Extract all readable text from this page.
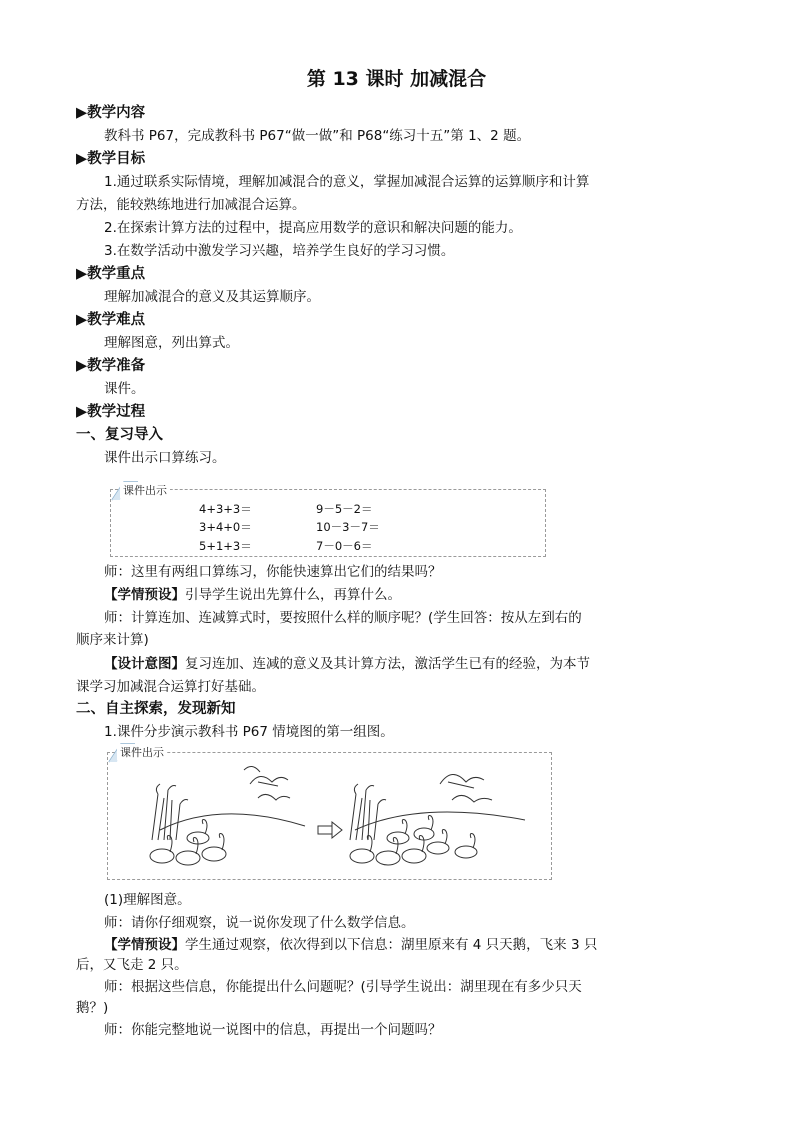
第 13 课时 加减混合
▶教学内容
教科书 P67，完成教科书 P67“做一做”和 P68“练习十五”第 1、2 题。
▶教学目标
1.通过联系实际情境，理解加减混合的意义，掌握加减混合运算的运算顺序和计算
方法，能较熟练地进行加减混合运算。
2.在探索计算方法的过程中，提高应用数学的意识和解决问题的能力。
3.在数学活动中激发学习兴趣，培养学生良好的学习习惯。
▶教学重点
理解加减混合的意义及其运算顺序。
▶教学难点
理解图意，列出算式。
▶教学准备
课件。
▶教学过程
一、复习导入
课件出示口算练习。
课件出示
4+3+3＝
3+4+0＝
5+1+3＝
9－5－2＝
10－3－7＝
7－0－6＝
师：这里有两组口算练习，你能快速算出它们的结果吗？
【学情预设】引导学生说出先算什么，再算什么。
师：计算连加、连减算式时，要按照什么样的顺序呢？(学生回答：按从左到右的
顺序来计算)
【设计意图】复习连加、连减的意义及其计算方法，激活学生已有的经验，为本节
课学习加减混合运算打好基础。
二、自主探索，发现新知
1.课件分步演示教科书 P67 情境图的第一组图。
课件出示
(1)理解图意。
师：请你仔细观察，说一说你发现了什么数学信息。
【学情预设】学生通过观察，依次得到以下信息：湖里原来有 4 只天鹅，飞来 3 只
后，又飞走 2 只。
师：根据这些信息，你能提出什么问题呢？(引导学生说出：湖里现在有多少只天
鹅？)
师：你能完整地说一说图中的信息，再提出一个问题吗？
